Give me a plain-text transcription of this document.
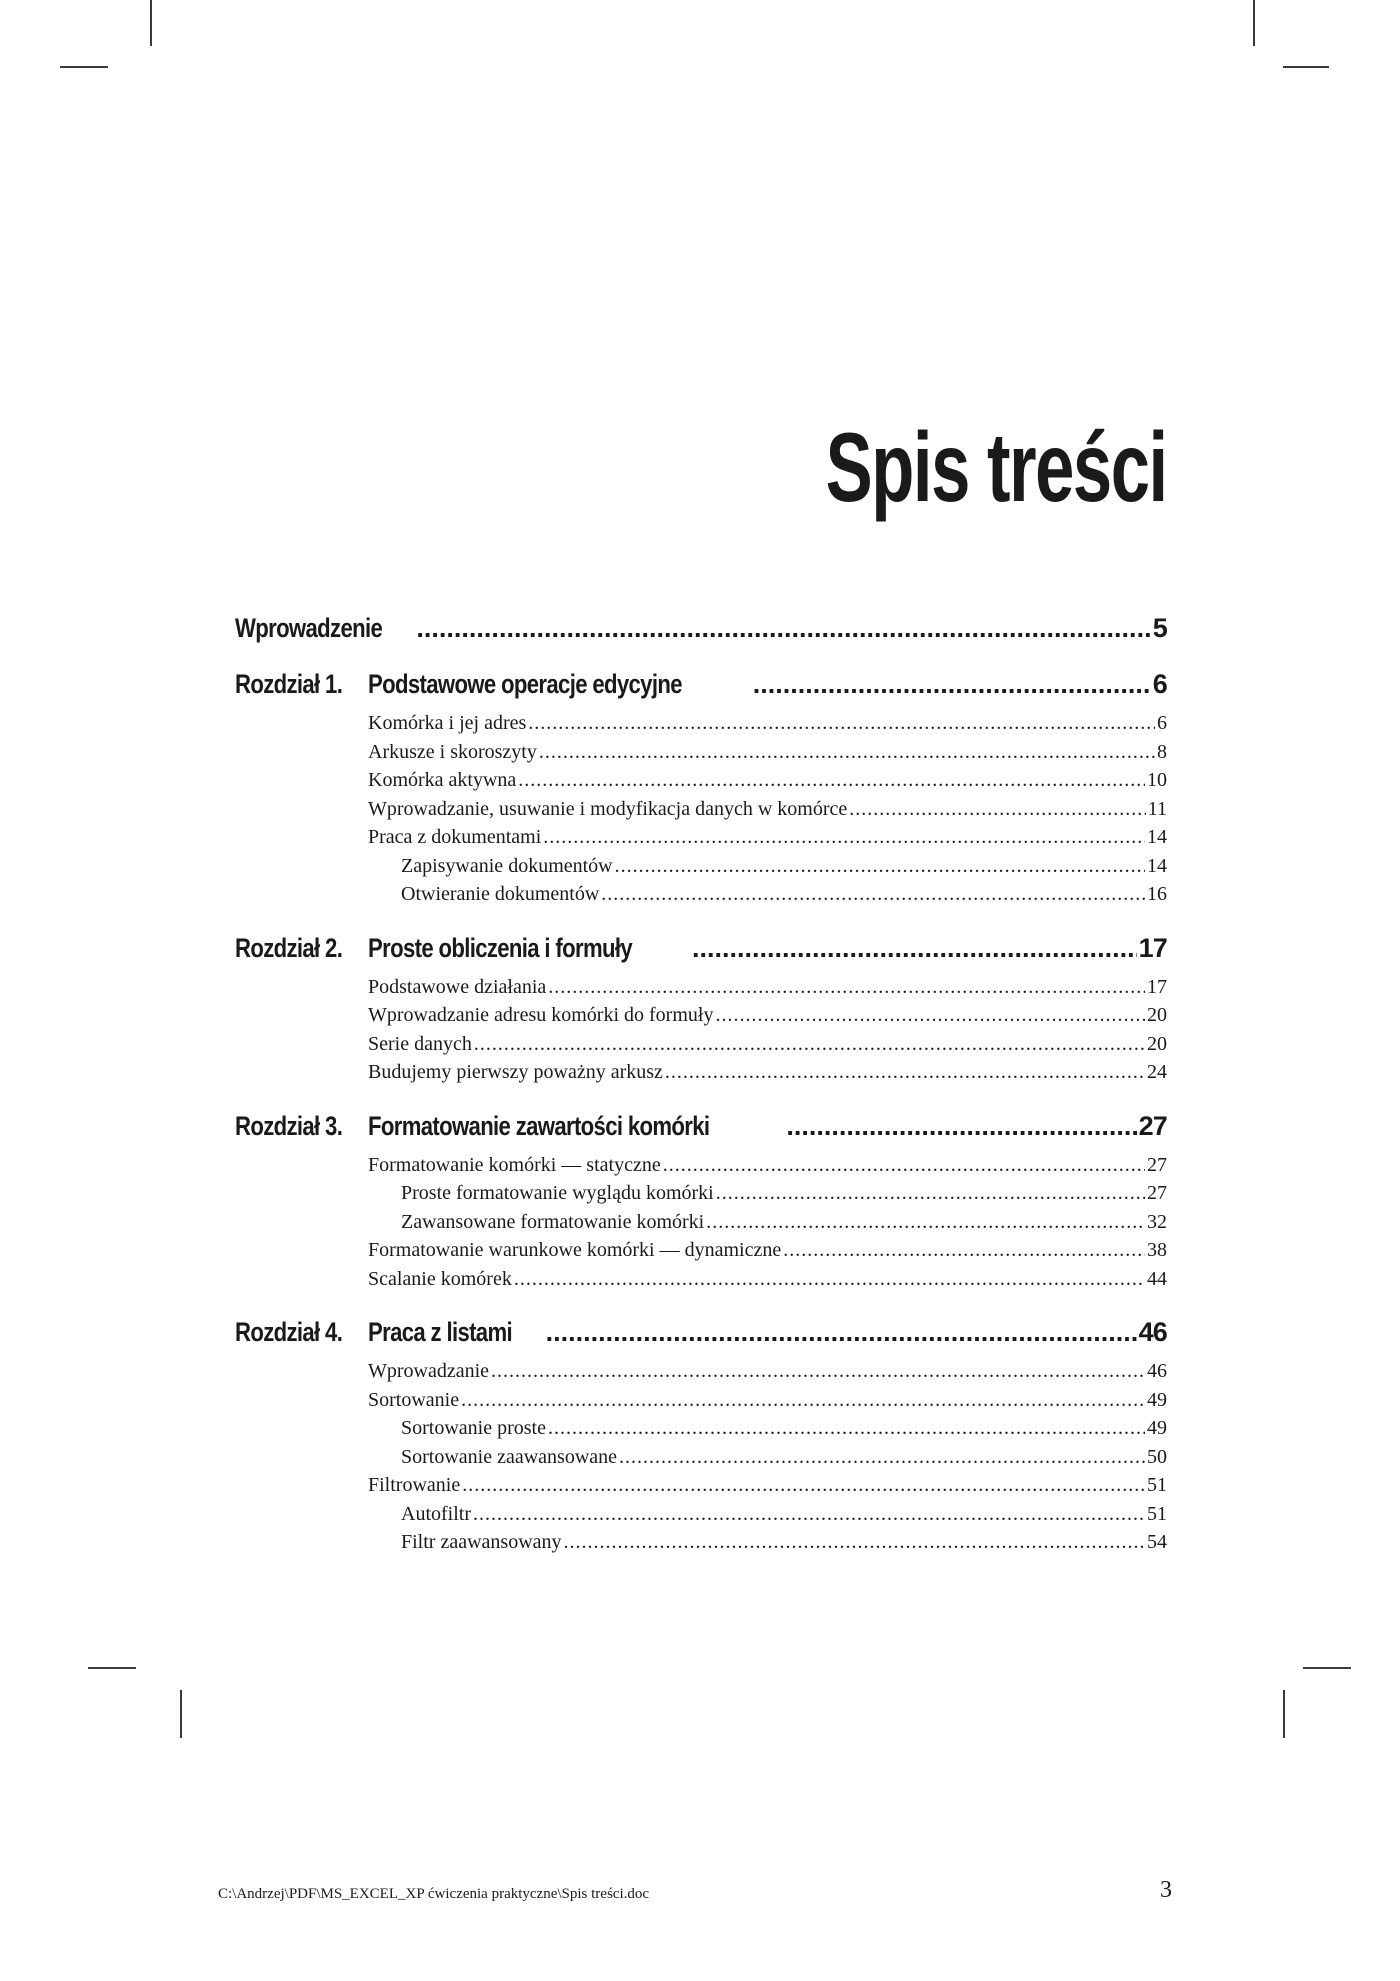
Spis treści
Wprowadzenie .....	5
Rozdział 1. Podstawowe operacje edycyjne .....	6
Komórka i jej adres .....	6
Arkusze i skoroszyty .....	8
Komórka aktywna .....	10
Wprowadzanie, usuwanie i modyfikacja danych w komórce .....	11
Praca z dokumentami .....	14
Zapisywanie dokumentów .....	14
Otwieranie dokumentów .....	16
Rozdział 2. Proste obliczenia i formuły .....	17
Podstawowe działania .....	17
Wprowadzanie adresu komórki do formuły .....	20
Serie danych .....	20
Budujemy pierwszy poważny arkusz .....	24
Rozdział 3. Formatowanie zawartości komórki .....	27
Formatowanie komórki — statyczne .....	27
Proste formatowanie wyglądu komórki .....	27
Zawansowane formatowanie komórki .....	32
Formatowanie warunkowe komórki — dynamiczne .....	38
Scalanie komórek .....	44
Rozdział 4. Praca z listami .....	46
Wprowadzanie .....	46
Sortowanie .....	49
Sortowanie proste .....	49
Sortowanie zaawansowane .....	50
Filtrowanie .....	51
Autofiltr .....	51
Filtr zaawansowany .....	54
C:\Andrzej\PDF\MS_EXCEL_XP ćwiczenia praktyczne\Spis treści.doc	3
